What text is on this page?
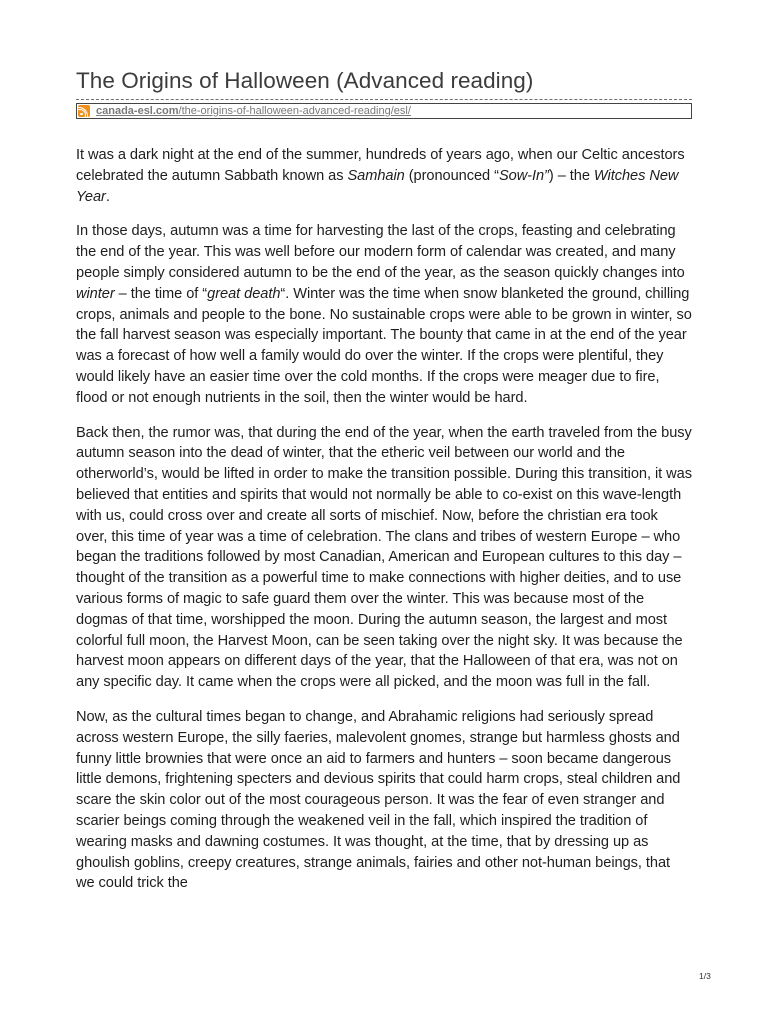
The Origins of Halloween (Advanced reading)
canada-esl.com /the-origins-of-halloween-advanced-reading/esl/

It was a dark night at the end of the summer, hundreds of years ago, when our Celtic ancestors celebrated the autumn Sabbath known as Samhain (pronounced “Sow-In”) – the Witches New Year.

In those days, autumn was a time for harvesting the last of the crops, feasting and celebrating the end of the year. This was well before our modern form of calendar was created, and many people simply considered autumn to be the end of the year, as the season quickly changes into winter – the time of “great death“. Winter was the time when snow blanketed the ground, chilling crops, animals and people to the bone. No sustainable crops were able to be grown in winter, so the fall harvest season was especially important. The bounty that came in at the end of the year was a forecast of how well a family would do over the winter. If the crops were plentiful, they would likely have an easier time over the cold months. If the crops were meager due to fire, flood or not enough nutrients in the soil, then the winter would be hard.

Back then, the rumor was, that during the end of the year, when the earth traveled from the busy autumn season into the dead of winter, that the etheric veil between our world and the otherworld’s, would be lifted in order to make the transition possible. During this transition, it was believed that entities and spirits that would not normally be able to co-exist on this wave-length with us, could cross over and create all sorts of mischief. Now, before the christian era took over, this time of year was a time of celebration. The clans and tribes of western Europe – who began the traditions followed by most Canadian, American and European cultures to this day – thought of the transition as a powerful time to make connections with higher deities, and to use various forms of magic to safe guard them over the winter. This was because most of the dogmas of that time, worshipped the moon. During the autumn season, the largest and most colorful full moon, the Harvest Moon, can be seen taking over the night sky. It was because the harvest moon appears on different days of the year, that the Halloween of that era, was not on any specific day. It came when the crops were all picked, and the moon was full in the fall.

Now, as the cultural times began to change, and Abrahamic religions had seriously spread across western Europe, the silly faeries, malevolent gnomes, strange but harmless ghosts and funny little brownies that were once an aid to farmers and hunters – soon became dangerous little demons, frightening specters and devious spirits that could harm crops, steal children and scare the skin color out of the most courageous person. It was the fear of even stranger and scarier beings coming through the weakened veil in the fall, which inspired the tradition of wearing masks and dawning costumes. It was thought, at the time, that by dressing up as ghoulish goblins, creepy creatures, strange animals, fairies and other not-human beings, that we could trick the

1/3
